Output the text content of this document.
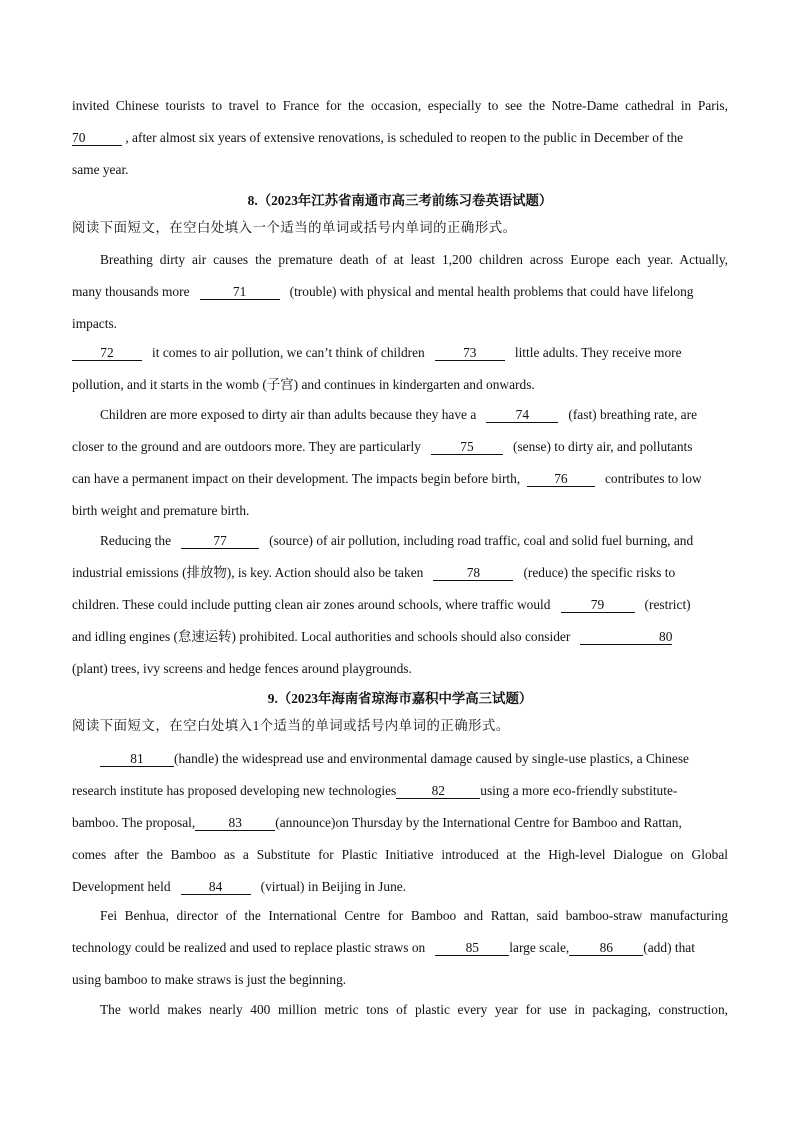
invited Chinese tourists to travel to France for the occasion, especially to see the Notre-Dame cathedral in Paris,
70	, after almost six years of extensive renovations, is scheduled to reopen to the public in December of the
same year.
8.（2023年江苏省南通市高三考前练习卷英语试题）
阅读下面短文，在空白处填入一个适当的单词或括号内单词的正确形式。
Breathing dirty air causes the premature death of at least 1,200 children across Europe each year. Actually,
many thousands more	71	(trouble) with physical and mental health problems that could have lifelong
impacts.
72	it comes to air pollution, we can’t think of children	73	little adults. They receive more
pollution, and it starts in the womb (子宫) and continues in kindergarten and onwards.
Children are more exposed to dirty air than adults because they have a	74	(fast) breathing rate, are
closer to the ground and are outdoors more. They are particularly	75	(sense) to dirty air, and pollutants
can have a permanent impact on their development. The impacts begin before birth,	76	contributes to low
birth weight and premature birth.
Reducing the	77	(source) of air pollution, including road traffic, coal and solid fuel burning, and
industrial emissions (排放物), is key. Action should also be taken	78	(reduce) the specific risks to
children. These could include putting clean air zones around schools, where traffic would	79	(restrict)
and idling engines (怠速运转) prohibited. Local authorities and schools should also consider	80
(plant) trees, ivy screens and hedge fences around playgrounds.
9.（2023年海南省琼海市嘉积中学高三试题）
阅读下面短文，在空白处填入1个适当的单词或括号内单词的正确形式。
81 (handle) the widespread use and environmental damage caused by single-use plastics, a Chinese
research institute has proposed developing new technologies	82	using a more eco-friendly substitute-
bamboo. The proposal, 83 (announce)on Thursday by the International Centre for Bamboo and Rattan,
comes after the Bamboo as a Substitute for Plastic Initiative introduced at the High-level Dialogue on Global
Development held	84	(virtual) in Beijing in June.
Fei Benhua, director of the International Centre for Bamboo and Rattan, said bamboo-straw manufacturing
technology could be realized and used to replace plastic straws on	85 large scale, 86 (add) that
using bamboo to make straws is just the beginning.
The world makes nearly 400 million metric tons of plastic every year for use in packaging, construction,
